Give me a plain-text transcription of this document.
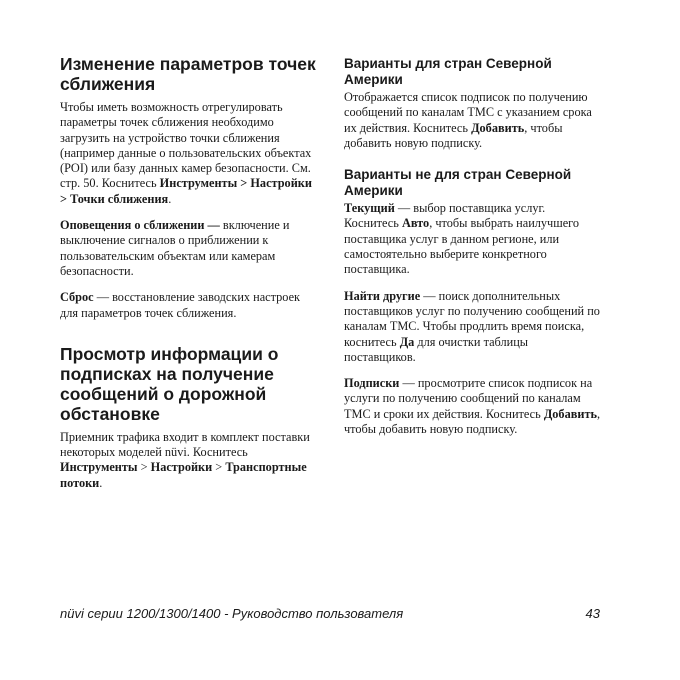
Изменение параметров точек сближения

Чтобы иметь возможность отрегулировать параметры точек сближения необходимо загрузить на устройство точки сближения (например данные о пользовательских объектах (POI) или базу данных камер безопасности. См. стр. 50. Коснитесь Инструменты > Настройки > Точки сближения.

Оповещения о сближении — включение и выключение сигналов о приближении к пользовательским объектам или камерам безопасности.

Сброс — восстановление заводских настроек для параметров точек сближения.

Просмотр информации о подписках на получение сообщений о дорожной обстановке

Приемник трафика входит в комплект поставки некоторых моделей nüvi. Коснитесь Инструменты > Настройки > Транспортные потоки.

Варианты для стран Северной Америки

Отображается список подписок по получению сообщений по каналам TMC с указанием срока их действия. Коснитесь Добавить, чтобы добавить новую подписку.

Варианты не для стран Северной Америки

Текущий — выбор поставщика услуг. Коснитесь Авто, чтобы выбрать наилучшего поставщика услуг в данном регионе, или самостоятельно выберите конкретного поставщика.

Найти другие — поиск дополнительных поставщиков услуг по получению сообщений по каналам TMC. Чтобы продлить время поиска, коснитесь Да для очистки таблицы поставщиков.

Подписки — просмотрите список подписок на услуги по получению сообщений по каналам TMC и сроки их действия. Коснитесь Добавить, чтобы добавить новую подписку.

nüvi серии 1200/1300/1400 - Руководство пользователя	43
